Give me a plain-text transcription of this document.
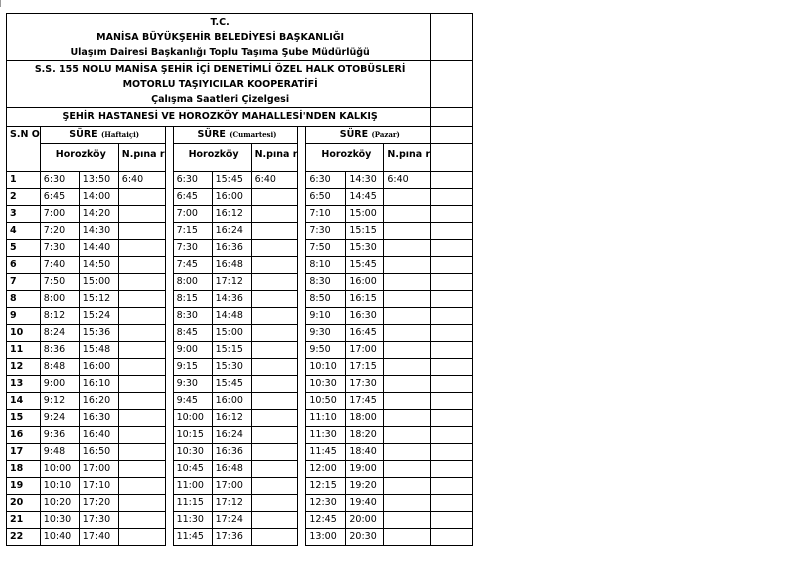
T.C.
MANİSA BÜYÜKŞEHİR BELEDİYESİ BAŞKANLIĞI
Ulaşım Dairesi Başkanlığı Toplu Taşıma Şube Müdürlüğü												

S.S. 155 NOLU MANİSA ŞEHİR İÇİ DENETİMLİ ÖZEL HALK OTOBÜSLERİ
MOTORLU TAŞIYICILAR KOOPERATİFİ
Çalışma Saatleri Çizelgesi												

ŞEHİR HASTANESİ VE HOROZKÖY MAHALLESİ'NDEN KALKIŞ												
S.N O	SÜRE (Haftaiçi)				SÜRE (Cumartesi)				SÜRE (Pazar)			
	Horozköy		N.pına r		Horozköy		N.pına r		Horozköy		N.pına r	
1	6:30	13:50	6:40		6:30	15:45	6:40		6:30	14:30	6:40	
2	6:45	14:00			6:45	16:00			6:50	14:45		
3	7:00	14:20			7:00	16:12			7:10	15:00		
4	7:20	14:30			7:15	16:24			7:30	15:15		
5	7:30	14:40			7:30	16:36			7:50	15:30		
6	7:40	14:50			7:45	16:48			8:10	15:45		
7	7:50	15:00			8:00	17:12			8:30	16:00		
8	8:00	15:12			8:15	14:36			8:50	16:15		
9	8:12	15:24			8:30	14:48			9:10	16:30		
10	8:24	15:36			8:45	15:00			9:30	16:45		
11	8:36	15:48			9:00	15:15			9:50	17:00		
12	8:48	16:00			9:15	15:30			10:10	17:15		
13	9:00	16:10			9:30	15:45			10:30	17:30		
14	9:12	16:20			9:45	16:00			10:50	17:45		
15	9:24	16:30			10:00	16:12			11:10	18:00		
16	9:36	16:40			10:15	16:24			11:30	18:20		
17	9:48	16:50			10:30	16:36			11:45	18:40		
18	10:00	17:00			10:45	16:48			12:00	19:00		
19	10:10	17:10			11:00	17:00			12:15	19:20		
20	10:20	17:20			11:15	17:12			12:30	19:40		
21	10:30	17:30			11:30	17:24			12:45	20:00		
22	10:40	17:40			11:45	17:36			13:00	20:30		
